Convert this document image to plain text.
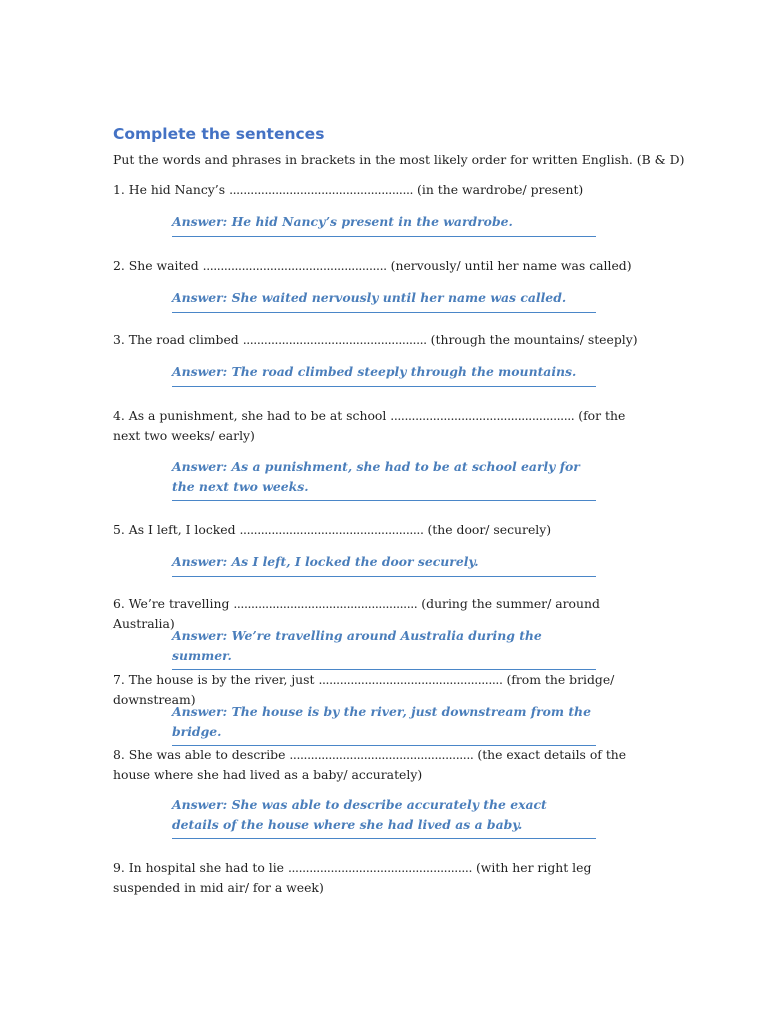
Complete the sentences
Put the words and phrases in brackets in the most likely order for written English. (B & D)
1. He hid Nancy’s .................................................... (in the wardrobe/ present)
Answer: He hid Nancy’s present in the wardrobe.
2. She waited .................................................... (nervously/ until her name was called)
Answer: She waited nervously until her name was called.
3. The road climbed .................................................... (through the mountains/ steeply)
Answer: The road climbed steeply through the mountains.
4. As a punishment, she had to be at school .................................................... (for the next two weeks/ early)
Answer: As a punishment, she had to be at school early for the next two weeks.
5. As I left, I locked .................................................... (the door/ securely)
Answer: As I left, I locked the door securely.
6. We’re travelling .................................................... (during the summer/ around Australia)
Answer: We’re travelling around Australia during the summer.
7. The house is by the river, just .................................................... (from the bridge/ downstream)
Answer: The house is by the river, just downstream from the bridge.
8. She was able to describe .................................................... (the exact details of the house where she had lived as a baby/ accurately)
Answer: She was able to describe accurately the exact details of the house where she had lived as a baby.
9. In hospital she had to lie .................................................... (with her right leg suspended in mid air/ for a week)
